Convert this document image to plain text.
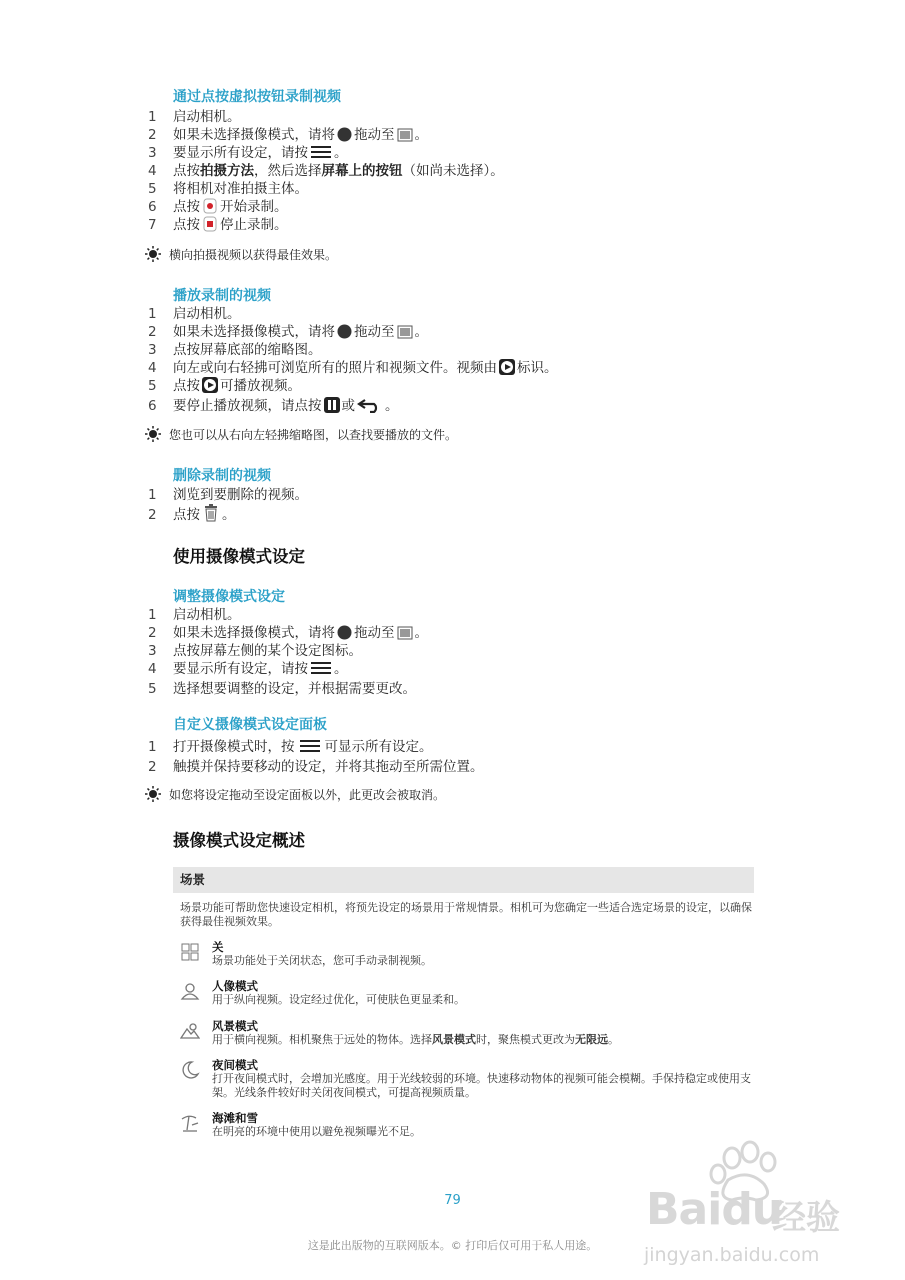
通过点按虚拟按钮录制视频
1 启动相机。
2 如果未选择摄像模式，请将 拖动至 。
3 要显示所有设定，请按 。
4 点按拍摄方法，然后选择屏幕上的按钮（如尚未选择）。
5 将相机对准拍摄主体。
6 点按 开始录制。
7 点按 停止录制。
横向拍摄视频以获得最佳效果。
播放录制的视频
1 启动相机。
2 如果未选择摄像模式，请将 拖动至 。
3 点按屏幕底部的缩略图。
4 向左或向右轻拂可浏览所有的照片和视频文件。视频由 标识。
5 点按 可播放视频。
6 要停止播放视频，请点按 或 。
您也可以从右向左轻拂缩略图，以查找要播放的文件。
删除录制的视频
1 浏览到要删除的视频。
2 点按 。
使用摄像模式设定
调整摄像模式设定
1 启动相机。
2 如果未选择摄像模式，请将 拖动至 。
3 点按屏幕左侧的某个设定图标。
4 要显示所有设定，请按 。
5 选择想要调整的设定，并根据需要更改。
自定义摄像模式设定面板
1 打开摄像模式时，按 可显示所有设定。
2 触摸并保持要移动的设定，并将其拖动至所需位置。
如您将设定拖动至设定面板以外，此更改会被取消。
摄像模式设定概述
场景
场景功能可帮助您快速设定相机，将预先设定的场景用于常规情景。相机可为您确定一些适合选定场景的设定，以确保获得最佳视频效果。
关
场景功能处于关闭状态，您可手动录制视频。
人像模式
用于纵向视频。设定经过优化，可使肤色更显柔和。
风景模式
用于横向视频。相机聚焦于远处的物体。选择风景模式时，聚焦模式更改为无限远。
夜间模式
打开夜间模式时，会增加光感度。用于光线较弱的环境。快速移动物体的视频可能会模糊。手保持稳定或使用支架。光线条件较好时关闭夜间模式，可提高视频质量。
海滩和雪
在明亮的环境中使用以避免视频曝光不足。
79
这是此出版物的互联网版本。© 打印后仅可用于私人用途。
Baidu
经验
jingyan.baidu.com
